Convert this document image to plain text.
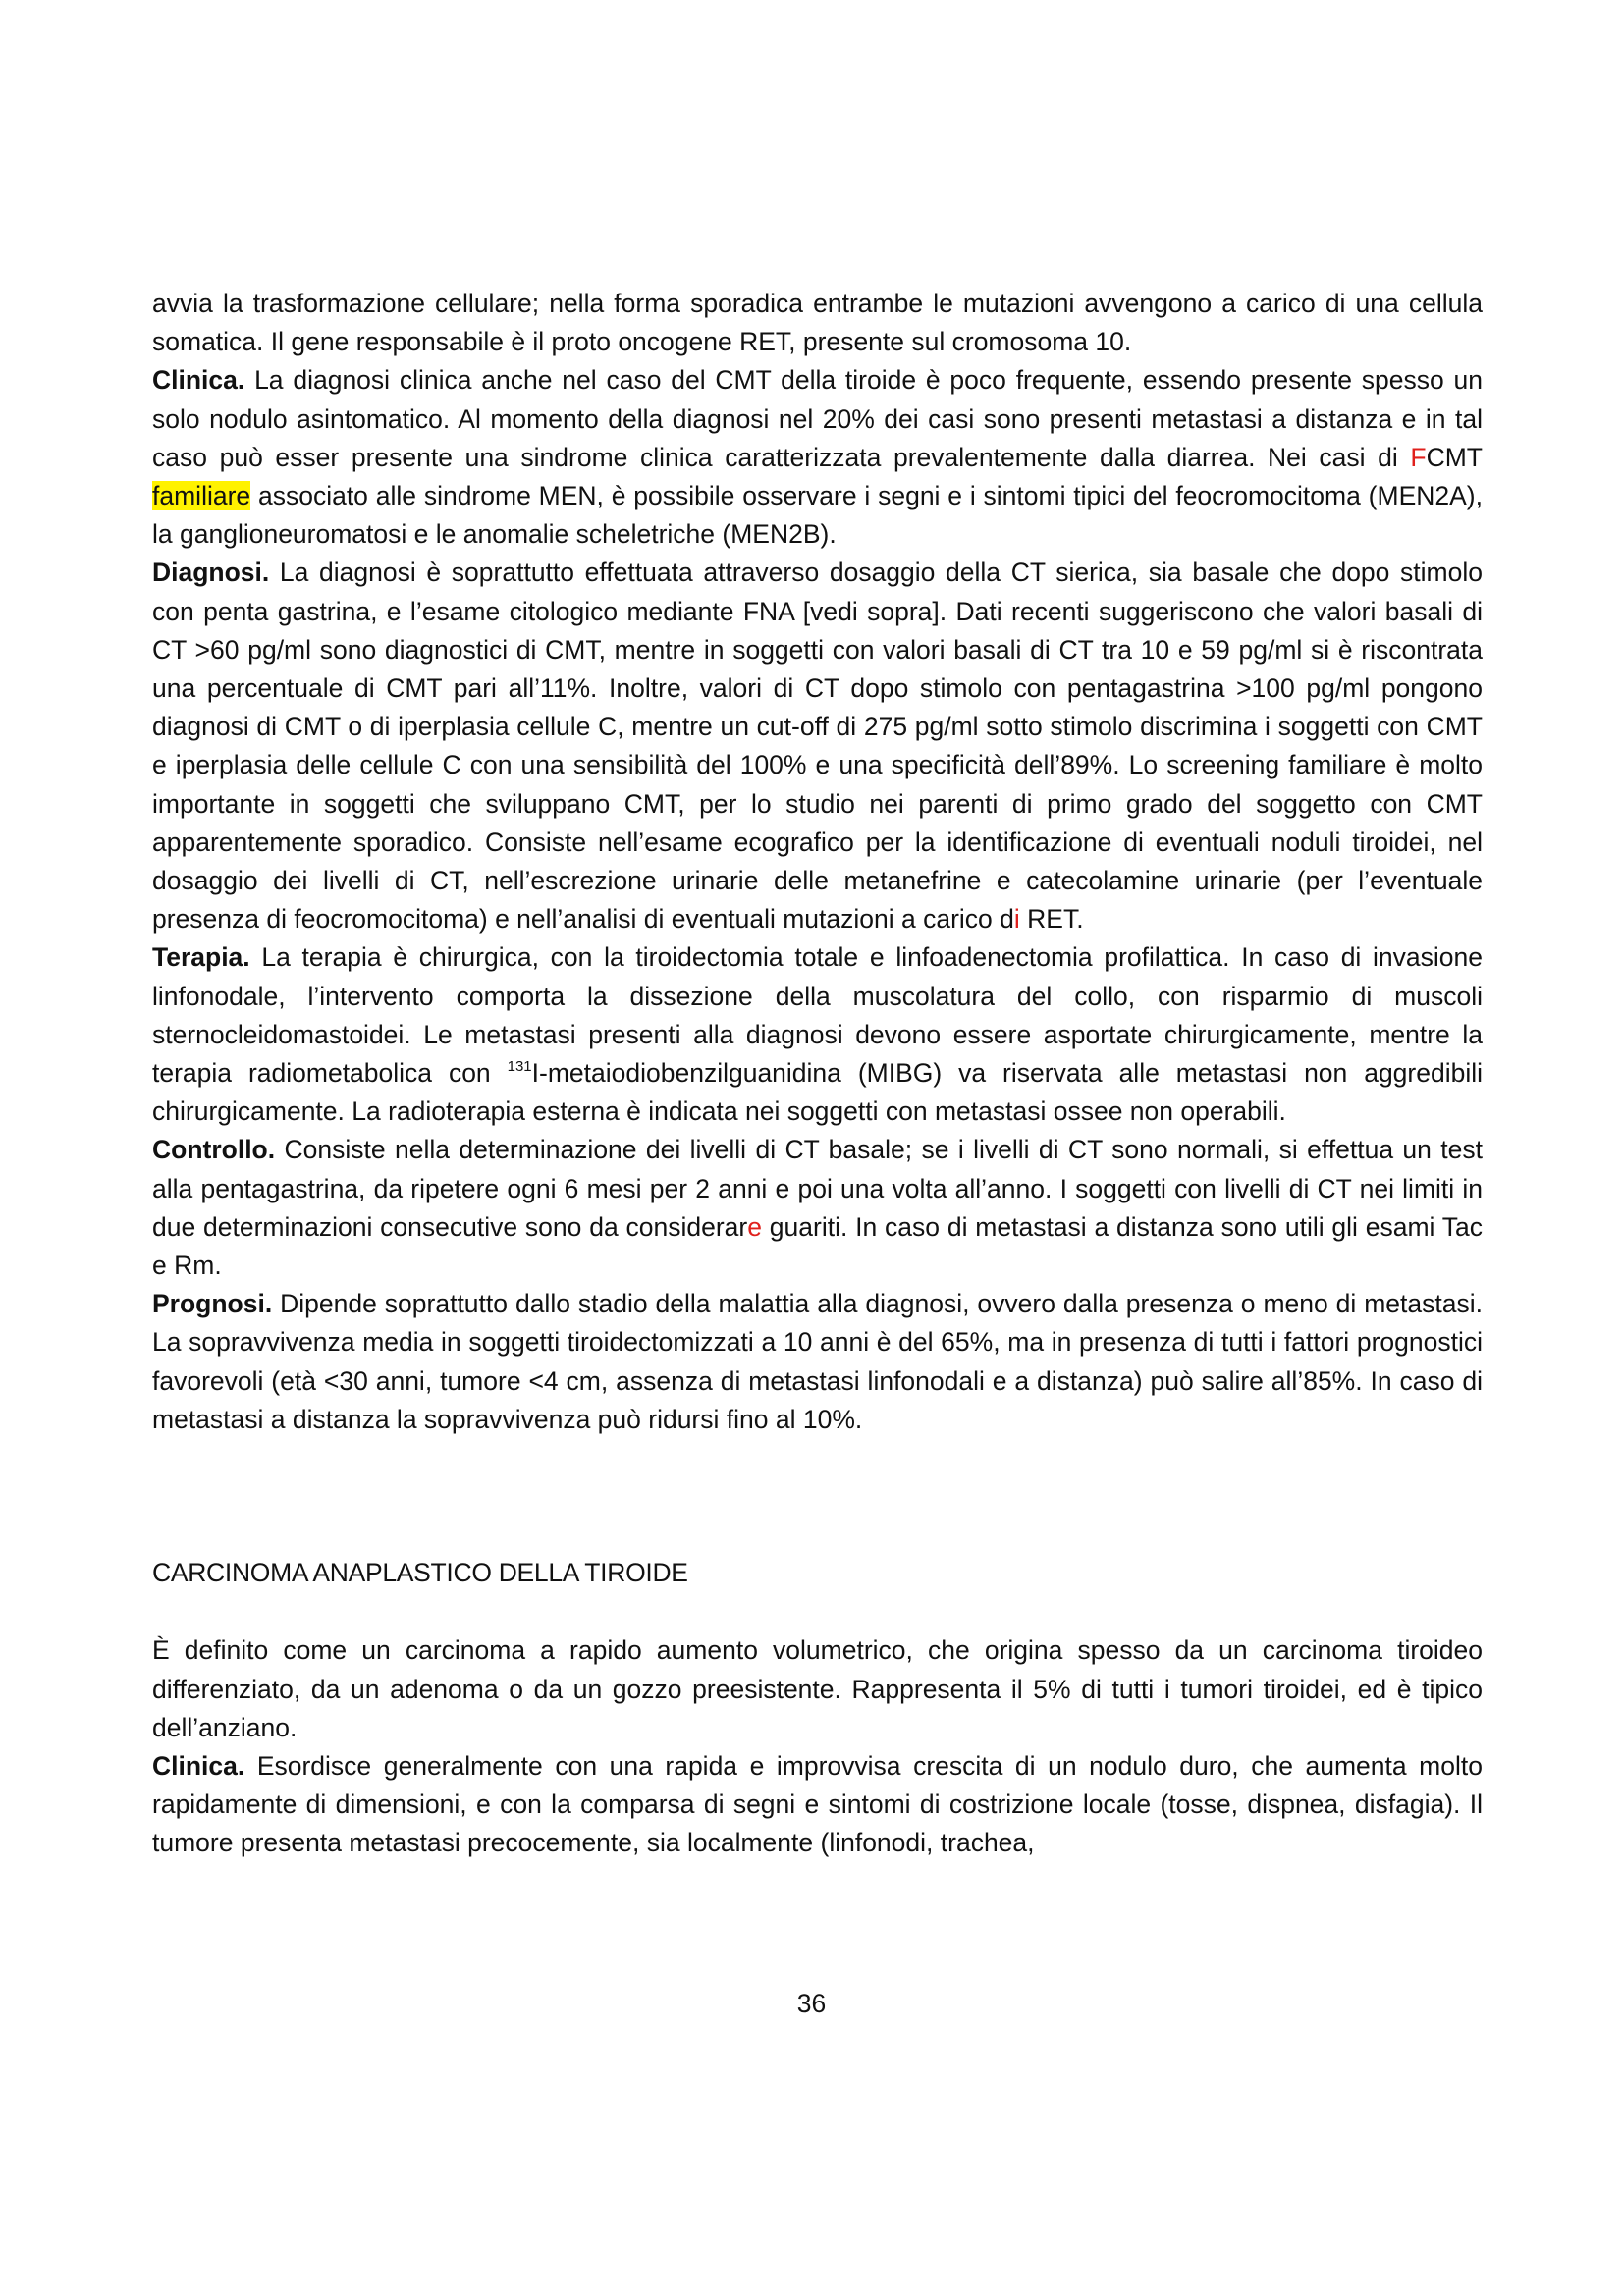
avvia la trasformazione cellulare; nella forma sporadica entrambe le mutazioni avvengono a carico di una cellula somatica. Il gene responsabile è il proto oncogene RET, presente sul cromosoma 10.

Clinica. La diagnosi clinica anche nel caso del CMT della tiroide è poco frequente, essendo presente spesso un solo nodulo asintomatico. Al momento della diagnosi nel 20% dei casi sono presenti metastasi a distanza e in tal caso può esser presente una sindrome clinica caratterizzata prevalentemente dalla diarrea. Nei casi di FCMT familiare associato alle sindrome MEN, è possibile osservare i segni e i sintomi tipici del feocromocitoma (MEN2A), la ganglioneuromatosi e le anomalie scheletriche (MEN2B).

Diagnosi. La diagnosi è soprattutto effettuata attraverso dosaggio della CT sierica, sia basale che dopo stimolo con penta gastrina, e l’esame citologico mediante FNA [vedi sopra]. Dati recenti suggeriscono che valori basali di CT >60 pg/ml sono diagnostici di CMT, mentre in soggetti con valori basali di CT tra 10 e 59 pg/ml si è riscontrata una percentuale di CMT pari all’11%. Inoltre, valori di CT dopo stimolo con pentagastrina >100 pg/ml pongono diagnosi di CMT o di iperplasia cellule C, mentre un cut-off di 275 pg/ml sotto stimolo discrimina i soggetti con CMT e iperplasia delle cellule C con una sensibilità del 100% e una specificità dell’89%. Lo screening familiare è molto importante in soggetti che sviluppano CMT, per lo studio nei parenti di primo grado del soggetto con CMT apparentemente sporadico. Consiste nell’esame ecografico per la identificazione di eventuali noduli tiroidei, nel dosaggio dei livelli di CT, nell’escrezione urinarie delle metanefrine e catecolamine urinarie (per l’eventuale presenza di feocromocitoma) e nell’analisi di eventuali mutazioni a carico di RET.

Terapia. La terapia è chirurgica, con la tiroidectomia totale e linfoadenectomia profilattica. In caso di invasione linfonodale, l’intervento comporta la dissezione della muscolatura del collo, con risparmio di muscoli sternocleidomastoidei. Le metastasi presenti alla diagnosi devono essere asportate chirurgicamente, mentre la terapia radiometabolica con $^{131}$I-metaiodiobenzilguanidina (MIBG) va riservata alle metastasi non aggredibili chirurgicamente. La radioterapia esterna è indicata nei soggetti con metastasi ossee non operabili.

Controllo. Consiste nella determinazione dei livelli di CT basale; se i livelli di CT sono normali, si effettua un test alla pentagastrina, da ripetere ogni 6 mesi per 2 anni e poi una volta all’anno. I soggetti con livelli di CT nei limiti in due determinazioni consecutive sono da considerare guariti. In caso di metastasi a distanza sono utili gli esami Tac e Rm.

Prognosi. Dipende soprattutto dallo stadio della malattia alla diagnosi, ovvero dalla presenza o meno di metastasi. La sopravvivenza media in soggetti tiroidectomizzati a 10 anni è del 65%, ma in presenza di tutti i fattori prognostici favorevoli (età <30 anni, tumore <4 cm, assenza di metastasi linfonodali e a distanza) può salire all’85%. In caso di metastasi a distanza la sopravvivenza può ridursi fino al 10%.

CARCINOMA ANAPLASTICO DELLA TIROIDE

È definito come un carcinoma a rapido aumento volumetrico, che origina spesso da un carcinoma tiroideo differenziato, da un adenoma o da un gozzo preesistente. Rappresenta il 5% di tutti i tumori tiroidei, ed è tipico dell’anziano.

Clinica. Esordisce generalmente con una rapida e improvvisa crescita di un nodulo duro, che aumenta molto rapidamente di dimensioni, e con la comparsa di segni e sintomi di costrizione locale (tosse, dispnea, disfagia). Il tumore presenta metastasi precocemente, sia localmente (linfonodi, trachea,

36
